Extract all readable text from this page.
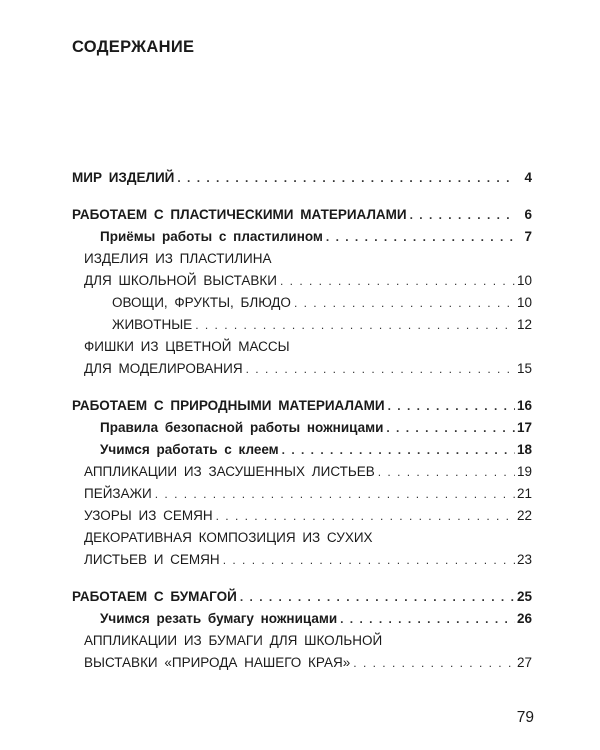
СОДЕРЖАНИЕ
МИР ИЗДЕЛИЙ . . .	4
РАБОТАЕМ С ПЛАСТИЧЕСКИМИ МАТЕРИАЛАМИ . . .	6
Приёмы работы с пластилином . . .	7
ИЗДЕЛИЯ ИЗ ПЛАСТИЛИНА
ДЛЯ ШКОЛЬНОЙ ВЫСТАВКИ . . .	10
ОВОЩИ, ФРУКТЫ, БЛЮДО . . .	10
ЖИВОТНЫЕ . . .	12
ФИШКИ ИЗ ЦВЕТНОЙ МАССЫ
ДЛЯ МОДЕЛИРОВАНИЯ . . .	15
РАБОТАЕМ С ПРИРОДНЫМИ МАТЕРИАЛАМИ . . .	16
Правила безопасной работы ножницами . . .	17
Учимся работать с клеем . . .	18
АППЛИКАЦИИ ИЗ ЗАСУШЕННЫХ ЛИСТЬЕВ . . .	19
ПЕЙЗАЖИ . . .	21
УЗОРЫ ИЗ СЕМЯН . . .	22
ДЕКОРАТИВНАЯ КОМПОЗИЦИЯ ИЗ СУХИХ
ЛИСТЬЕВ И СЕМЯН . . .	23
РАБОТАЕМ С БУМАГОЙ . . .	25
Учимся резать бумагу ножницами . . .	26
АППЛИКАЦИИ ИЗ БУМАГИ ДЛЯ ШКОЛЬНОЙ
ВЫСТАВКИ «ПРИРОДА НАШЕГО КРАЯ» . . .	27
79
